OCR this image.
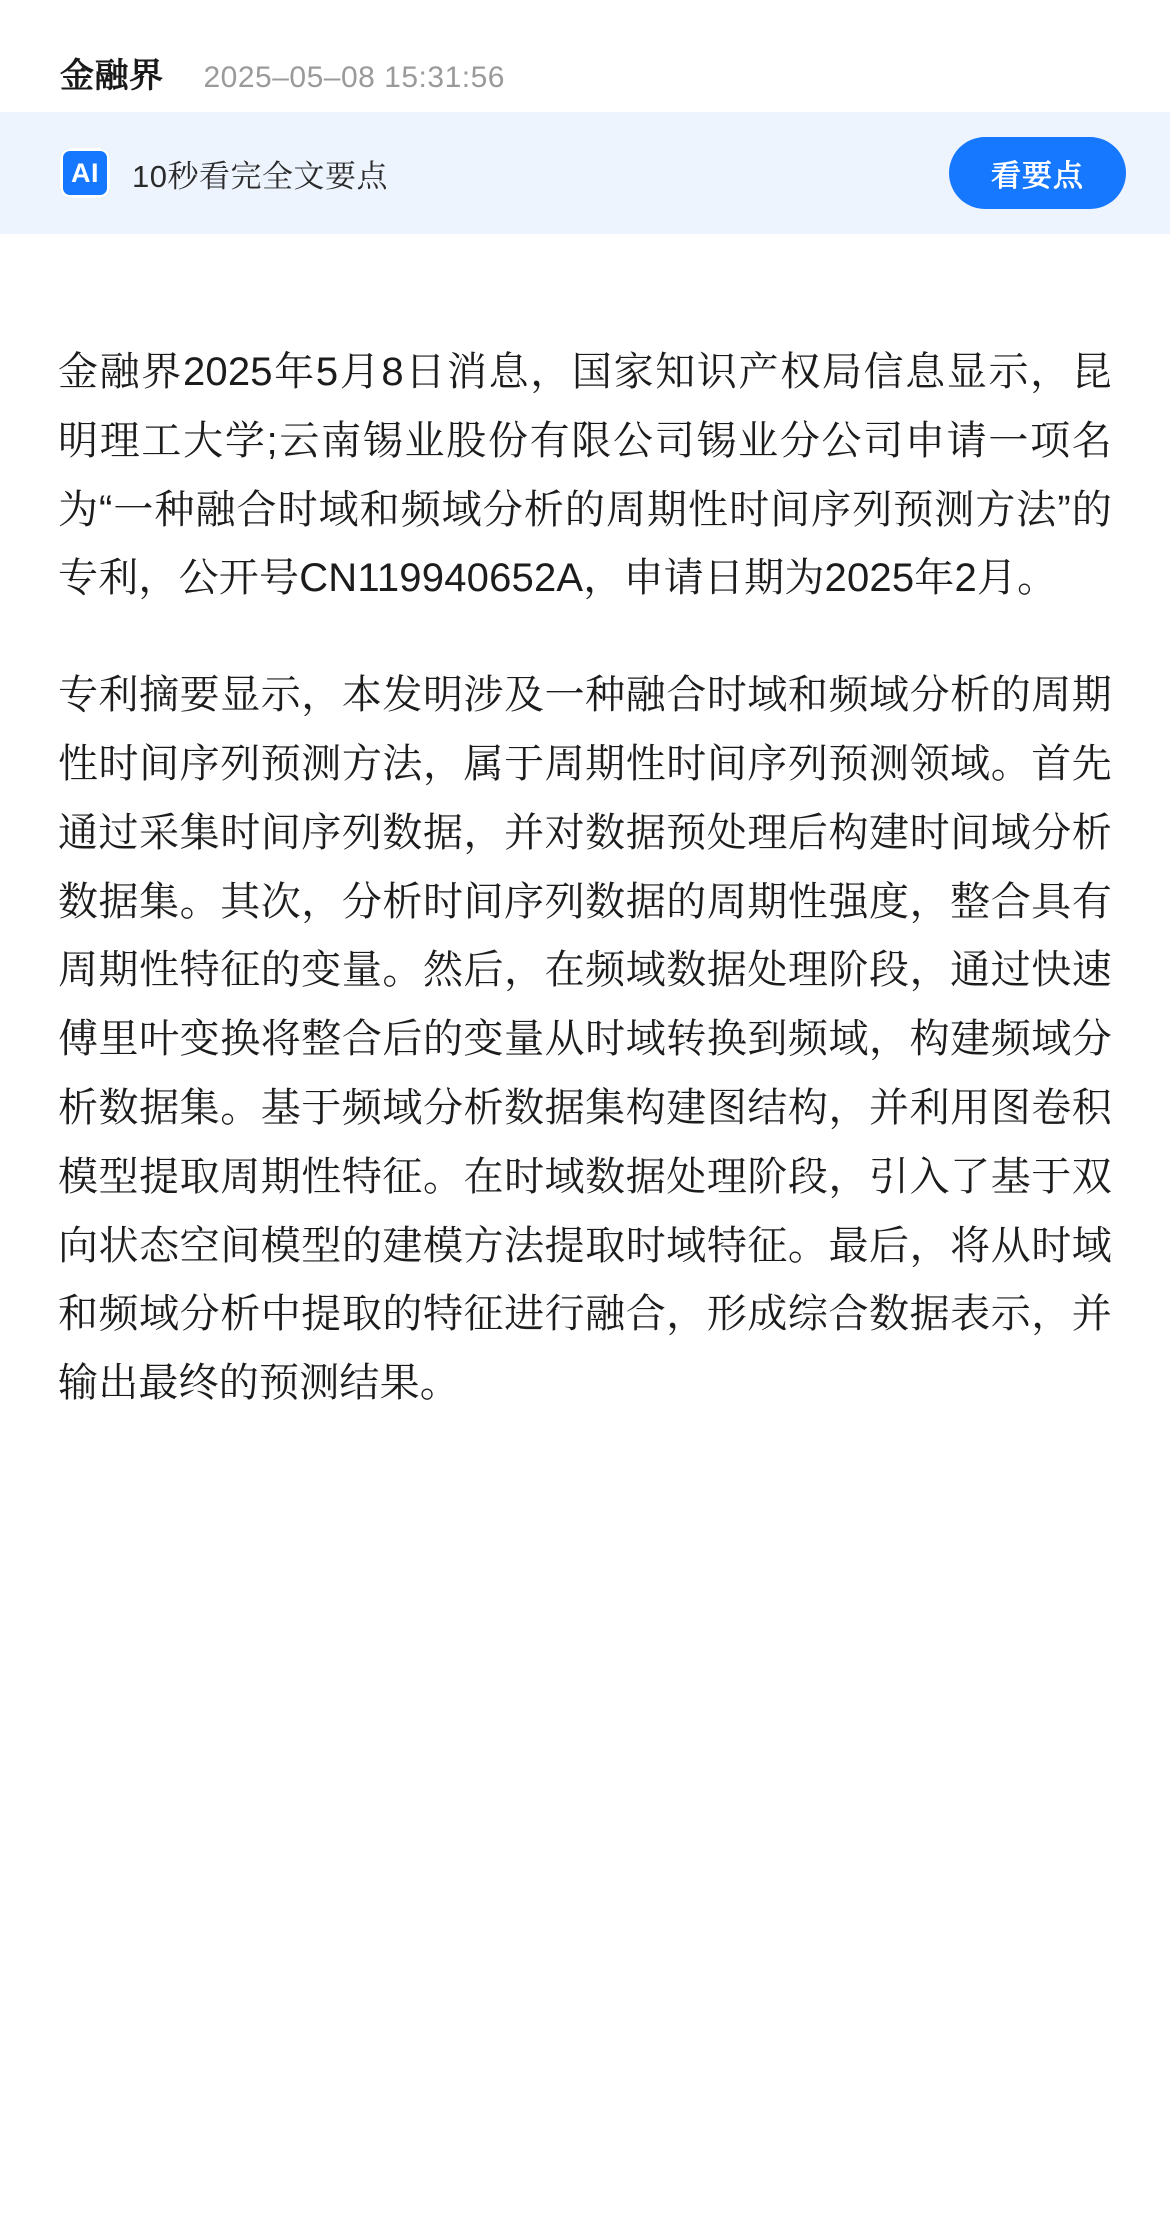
金融界 2025–05–08 15:31:56
AI	10秒看完全文要点	看要点

金融界2025年5月8日消息，国家知识产权局信息显示，昆明理工大学;云南锡业股份有限公司锡业分公司申请一项名为“一种融合时域和频域分析的周期性时间序列预测方法”的专利，公开号CN119940652A，申请日期为2025年2月。

专利摘要显示，本发明涉及一种融合时域和频域分析的周期性时间序列预测方法，属于周期性时间序列预测领域。首先通过采集时间序列数据，并对数据预处理后构建时间域分析数据集。其次，分析时间序列数据的周期性强度，整合具有周期性特征的变量。然后，在频域数据处理阶段，通过快速傅里叶变换将整合后的变量从时域转换到频域，构建频域分析数据集。基于频域分析数据集构建图结构，并利用图卷积模型提取周期性特征。在时域数据处理阶段，引入了基于双向状态空间模型的建模方法提取时域特征。最后，将从时域和频域分析中提取的特征进行融合，形成综合数据表示，并输出最终的预测结果。
